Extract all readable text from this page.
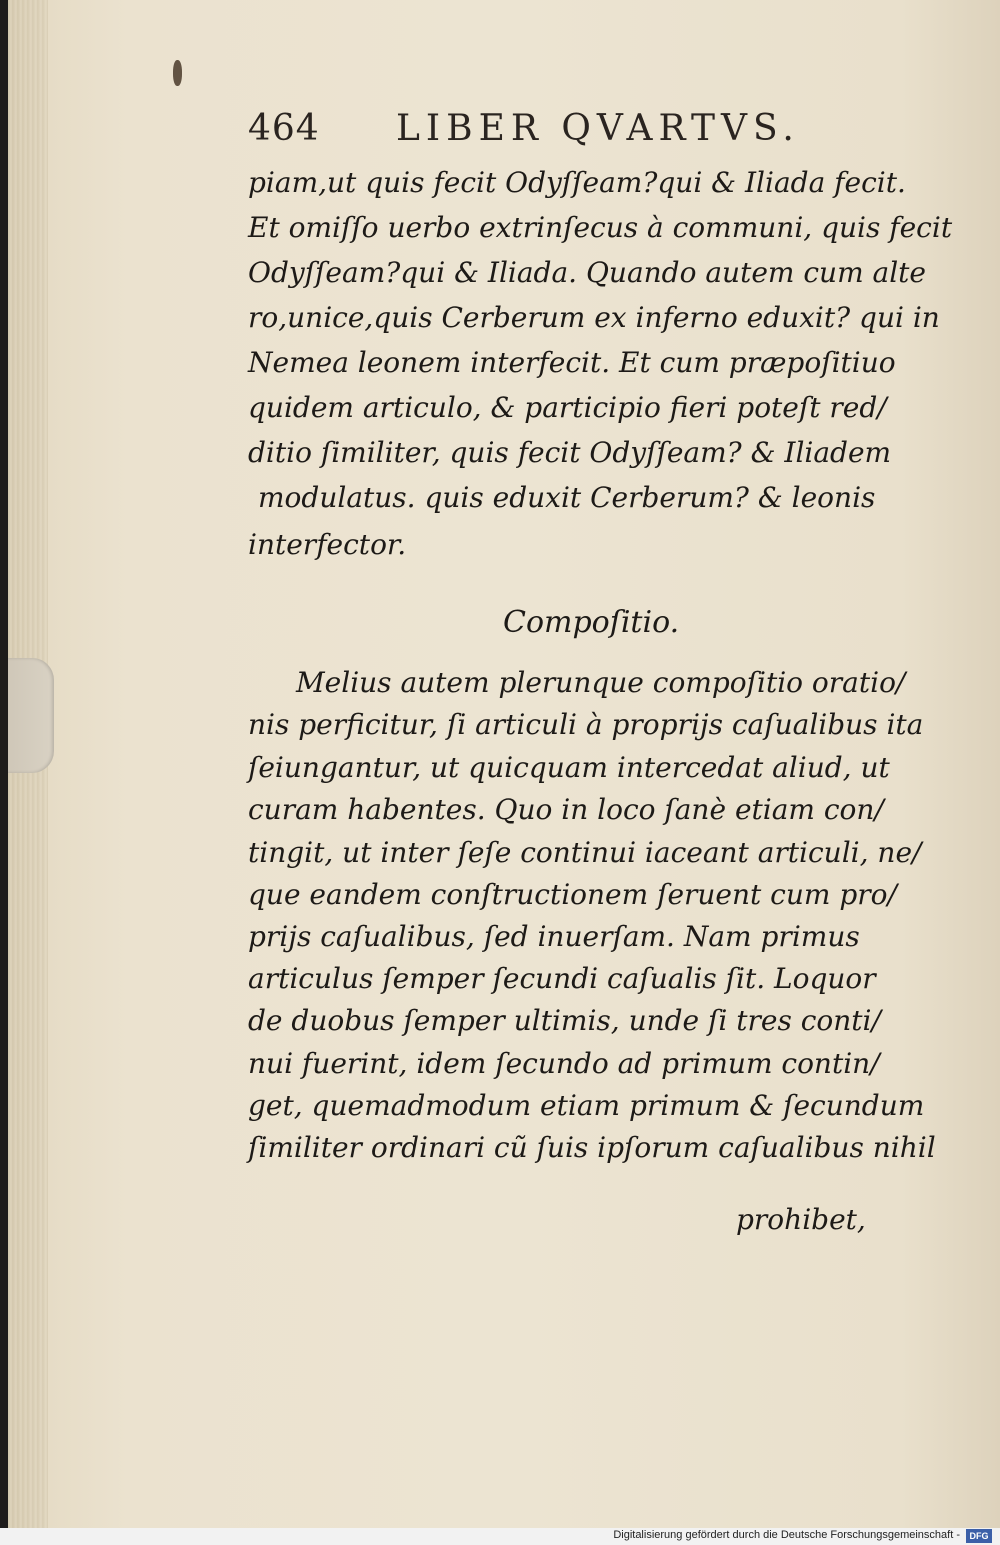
464 LIBER QVARTVS.
piam,ut quis fecit Odyſſeam?qui & Iliada fecit.
Et omiſſo uerbo extrinſecus à communi, quis fecit
Odyſſeam?qui & Iliada. Quando autem cum alte
ro,unice,quis Cerberum ex inferno eduxit? qui in
Nemea leonem interfecit. Et cum præpoſitiuo
quidem articulo, & participio fieri poteſt red/
ditio ſimiliter, quis fecit Odyſſeam? & Iliadem
modulatus. quis eduxit Cerberum? & leonis
interfector.
Compoſitio.
Melius autem plerunque compoſitio oratio/
nis perficitur, ſi articuli à proprijs caſualibus ita
ſeiungantur, ut quicquam intercedat aliud, ut
curam habentes. Quo in loco ſanè etiam con/
tingit, ut inter ſeſe continui iaceant articuli, ne/
que eandem conſtructionem ſeruent cum pro/
prijs caſualibus, ſed inuerſam. Nam primus
articulus ſemper ſecundi caſualis ſit. Loquor
de duobus ſemper ultimis, unde ſi tres conti/
nui fuerint, idem ſecundo ad primum contin/
get, quemadmodum etiam primum & ſecundum
ſimiliter ordinari cũ ſuis ipſorum caſualibus nihil
prohibet,
Digitalisierung gefördert durch die Deutsche Forschungsgemeinschaft -	DFG
